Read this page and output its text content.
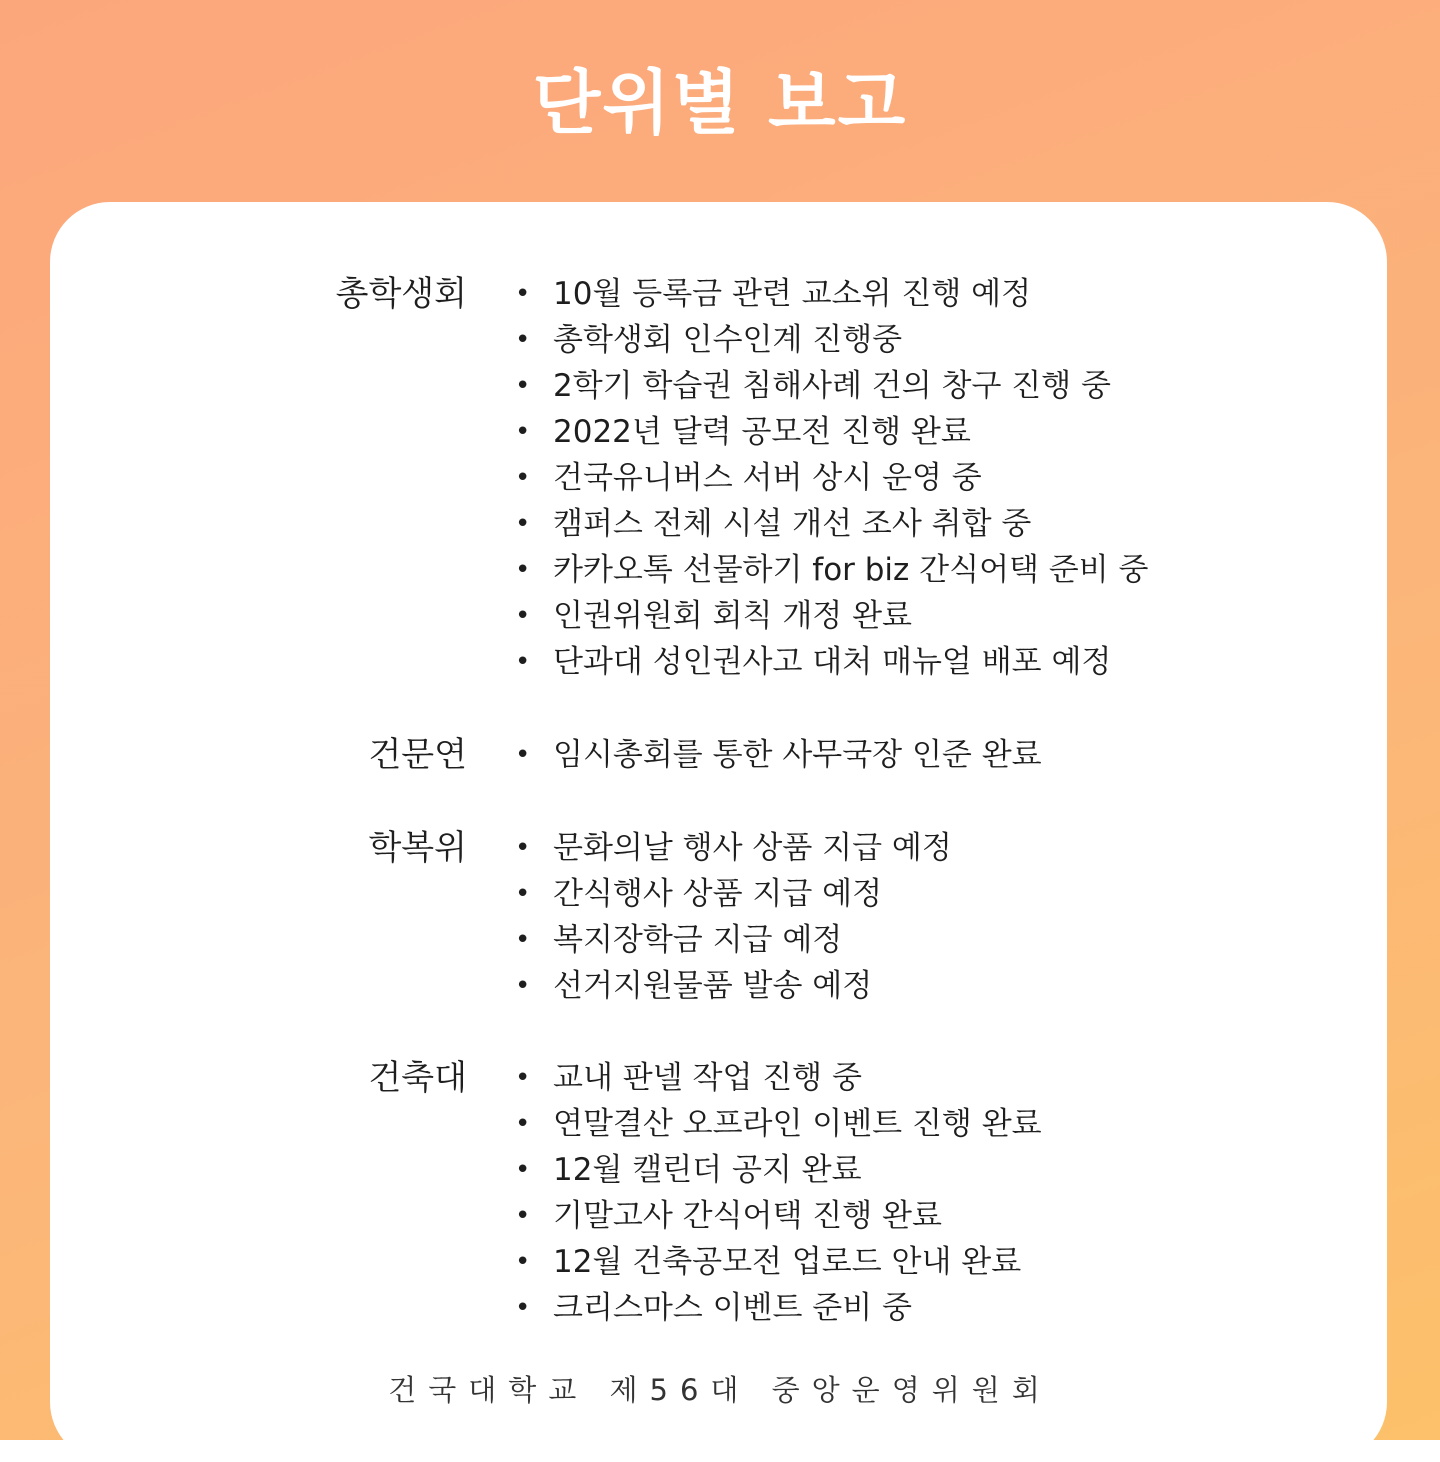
단위별 보고
총학생회 • 10월 등록금 관련 교소위 진행 예정
• 총학생회 인수인계 진행중
• 2학기 학습권 침해사례 건의 창구 진행 중
• 2022년 달력 공모전 진행 완료
• 건국유니버스 서버 상시 운영 중
• 캠퍼스 전체 시설 개선 조사 취합 중
• 카카오톡 선물하기 for biz 간식어택 준비 중
• 인권위원회 회칙 개정 완료
• 단과대 성인권사고 대처 매뉴얼 배포 예정
건문연 • 임시총회를 통한 사무국장 인준 완료
학복위 • 문화의날 행사 상품 지급 예정
• 간식행사 상품 지급 예정
• 복지장학금 지급 예정
• 선거지원물품 발송 예정
건축대 • 교내 판넬 작업 진행 중
• 연말결산 오프라인 이벤트 진행 완료
• 12월 캘린더 공지 완료
• 기말고사 간식어택 진행 완료
• 12월 건축공모전 업로드 안내 완료
• 크리스마스 이벤트 준비 중
건국대학교 제56대 중앙운영위원회
